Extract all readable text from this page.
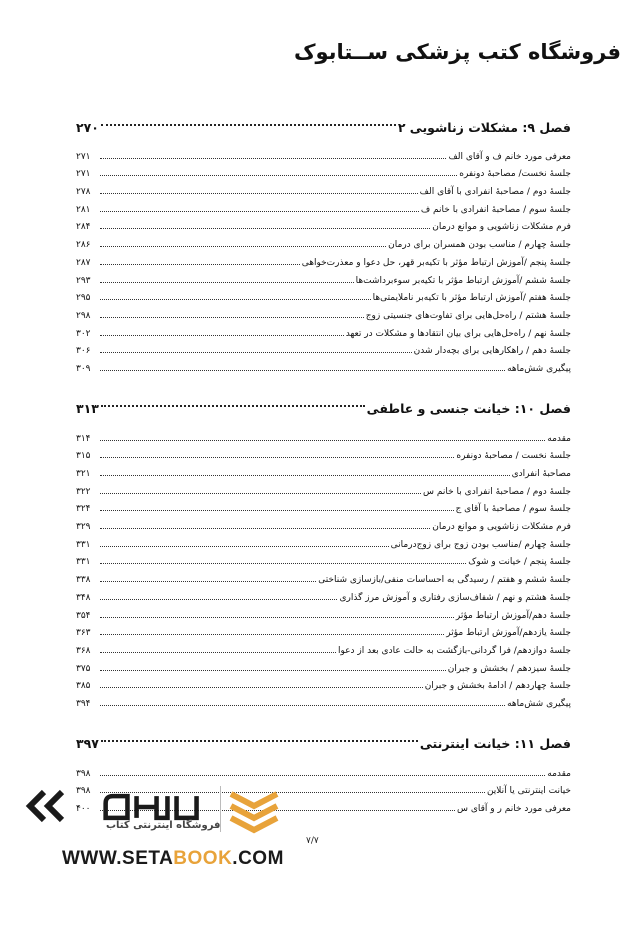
فروشگاه کتب پزشکی ســتابوک
فصل ۹: مشکلات زناشویی ۲
۲۷۰
معرفی مورد خانم ف و آقای الف
۲۷۱
جلسهٔ نخست/ مصاحبهٔ دونفره
۲۷۱
جلسهٔ دوم / مصاحبهٔ انفرادی با آقای الف
۲۷۸
جلسهٔ سوم / مصاحبهٔ انفرادی با خانم ف
۲۸۱
فرم مشکلات زناشویی و موانع درمان
۲۸۴
جلسهٔ چهارم / مناسب بودن همسران برای درمان
۲۸۶
جلسهٔ پنجم /آموزش ارتباط مؤثر با تکیه‌بر قهر، حل دعوا و معذرت‌خواهی
۲۸۷
جلسهٔ ششم /آموزش ارتباط مؤثر با تکیه‌بر سوءبرداشت‌ها
۲۹۳
جلسهٔ هفتم /آموزش ارتباط مؤثر با تکیه‌بر ناملایمتی‌ها
۲۹۵
جلسهٔ هشتم / راه‌حل‌هایی برای تفاوت‌های جنسیتی زوج
۲۹۸
جلسهٔ نهم / راه‌حل‌هایی برای بیان انتقادها و مشکلات در تعهد
۳۰۲
جلسهٔ دهم / راهکارهایی برای بچه‌دار شدن
۳۰۶
پیگیری شش‌ماهه
۳۰۹
فصل ۱۰: خیانت جنسی و عاطفی
۳۱۳
مقدمه
۳۱۴
جلسهٔ نخست / مصاحبهٔ دونفره
۳۱۵
مصاحبهٔ انفرادی
۳۲۱
جلسهٔ دوم / مصاحبهٔ انفرادی با خانم س
۳۲۲
جلسهٔ سوم / مصاحبهٔ با آقای ج
۳۲۴
فرم مشکلات زناشویی و موانع درمان
۳۲۹
جلسهٔ چهارم /مناسب بودن زوج برای زوج‌درمانی
۳۳۱
جلسهٔ پنجم / خیانت و شوک
۳۳۱
جلسهٔ ششم و هفتم / رسیدگی به احساسات منفی/بازسازی شناختی
۳۳۸
جلسهٔ هشتم و نهم / شفاف‌سازی رفتاری و آموزش مرز گذاری
۳۴۸
جلسهٔ دهم/آموزش ارتباط مؤثر
۳۵۴
جلسهٔ یازدهم/آموزش ارتباط مؤثر
۳۶۳
جلسهٔ دوازدهم/ فرا گردانی-بازگشت به حالت عادی بعد از دعوا
۳۶۸
جلسهٔ سیزدهم / بخشش و جبران
۳۷۵
جلسهٔ چهاردهم / ادامهٔ بخشش و جبران
۳۸۵
پیگیری شش‌ماهه
۳۹۴
فصل ۱۱: خیانت اینترنتی
۳۹۷
مقدمه
۳۹۸
خیانت اینترنتی یا آنلاین
۳۹۸
معرفی مورد خانم ر و آقای س
۴۰۰
۷/۷
فروشگاه اینترنتی کتاب
WWW.SETABOOK.COM
